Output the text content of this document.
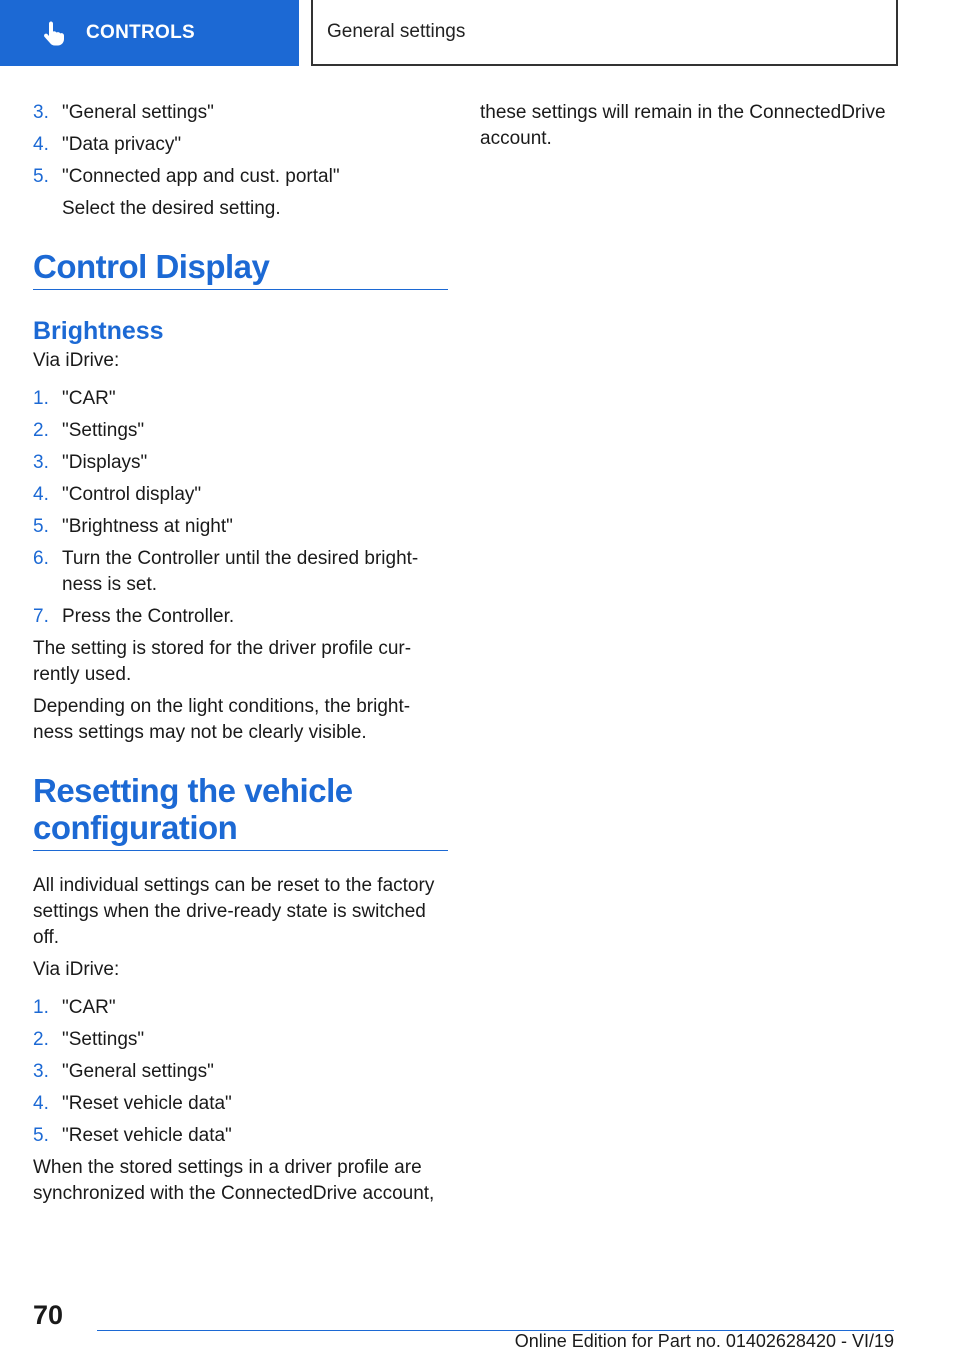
CONTROLS	General settings
3. "General settings"
4. "Data privacy"
5. "Connected app and cust. portal"

Select the desired setting.

Control Display
Brightness

Via iDrive:

1. "CAR"
2. "Settings"
3. "Displays"
4. "Control display"
5. "Brightness at night"
6. Turn the Controller until the desired bright‐ ness is set.
7. Press the Controller.

The setting is stored for the driver profile cur‐ rently used.

Depending on the light conditions, the bright‐ ness settings may not be clearly visible.

Resetting the vehicle configuration

All individual settings can be reset to the factory settings when the drive-ready state is switched off.

Via iDrive:

1. "CAR"
2. "Settings"
3. "General settings"
4. "Reset vehicle data"
5. "Reset vehicle data"

When the stored settings in a driver profile are synchronized with the ConnectedDrive account,

these settings will remain in the ConnectedDrive account.

70
Online Edition for Part no. 01402628420 - VI/19
